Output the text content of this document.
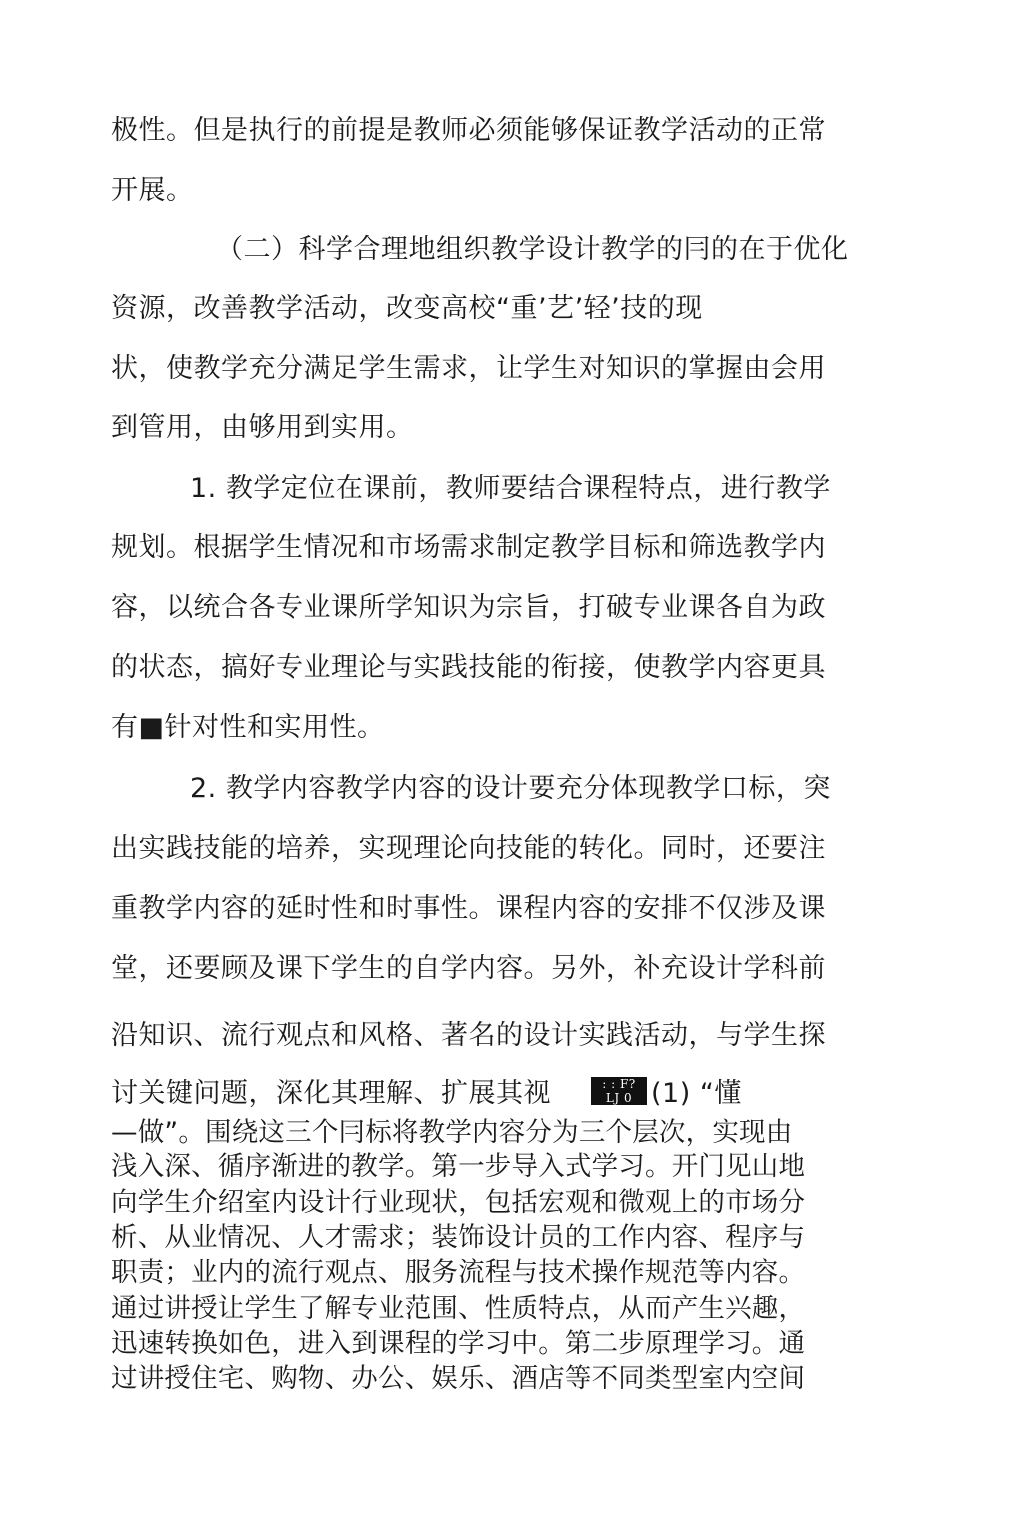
极性。但是执行的前提是教师必须能够保证教学活动的正常
开展。
（二）科学合理地组织教学设计教学的冃的在于优化
资源，改善教学活动，改变高校“重’艺’轻’技的现
状，使教学充分满足学生需求，让学生对知识的掌握由会用
到管用，由够用到实用。
1. 教学定位在课前，教师要结合课程特点，进行教学
规划。根据学生情况和市场需求制定教学目标和筛选教学内
容，以统合各专业课所学知识为宗旨，打破专业课各自为政
的状态，搞好专业理论与实践技能的衔接，使教学内容更具
有■针对性和实用性。
2. 教学内容教学内容的设计要充分体现教学口标，突
出实践技能的培养，实现理论向技能的转化。同时，还要注
重教学内容的延时性和时事性。课程内容的安排不仅涉及课
堂，还要顾及课下学生的自学内容。另外，补充设计学科前
沿知识、流行观点和风格、著名的设计实践活动，与学生探
讨关键问题，深化其理解、扩展其视	: : F?
LJ 0 (1) “懂
—做”。围绕这三个冃标将教学内容分为三个层次，实现由
浅入深、循序渐进的教学。第一步导入式学习。开门见山地
向学生介绍室内设计行业现状，包括宏观和微观上的市场分
析、从业情况、人才需求；装饰设计员的工作内容、程序与
职责；业内的流行观点、服务流程与技术操作规范等内容。
通过讲授让学生了解专业范围、性质特点，从而产生兴趣，
迅速转换如色，进入到课程的学习中。第二步原理学习。通
过讲授住宅、购物、办公、娱乐、酒店等不同类型室内空间
